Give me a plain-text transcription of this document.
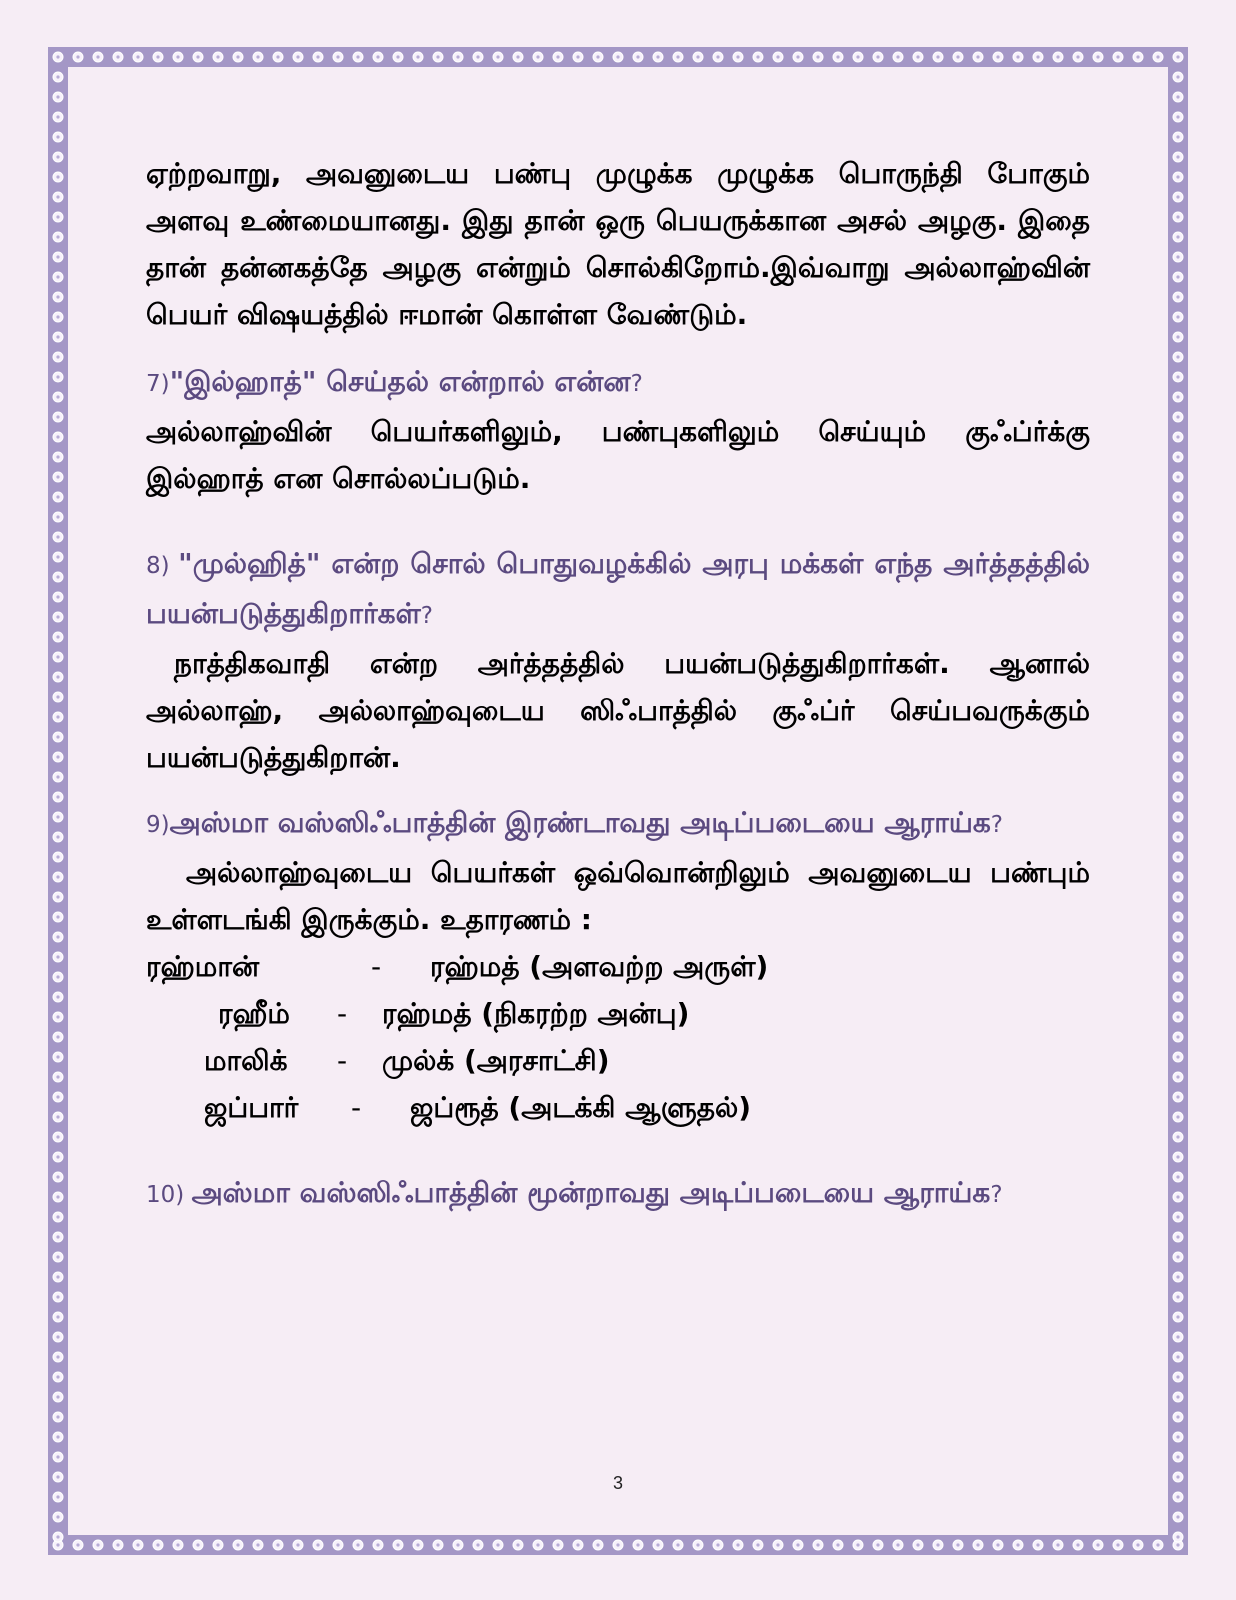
ஏற்றவாறு, அவனுடைய பண்பு முழுக்க முழுக்க பொருந்தி போகும் அளவு உண்மையானது. இது தான் ஒரு பெயருக்கான அசல் அழகு. இதை தான் தன்னகத்தே அழகு என்றும் சொல்கிறோம்.இவ்வாறு அல்லாஹ்வின் பெயர் விஷயத்தில் ஈமான் கொள்ள வேண்டும்.

7)"இல்ஹாத்" செய்தல் என்றால் என்ன?

அல்லாஹ்வின் பெயர்களிலும், பண்புகளிலும் செய்யும் குஃப்ர்க்கு இல்ஹாத் என சொல்லப்படும்.

8) "முல்ஹித்" என்ற சொல் பொதுவழக்கில் அரபு மக்கள் எந்த அர்த்தத்தில் பயன்படுத்துகிறார்கள்?

நாத்திகவாதி என்ற அர்த்தத்தில் பயன்படுத்துகிறார்கள். ஆனால் அல்லாஹ், அல்லாஹ்வுடைய ஸிஃபாத்தில் குஃப்ர் செய்பவருக்கும் பயன்படுத்துகிறான்.

9)அஸ்மா வஸ்ஸிஃபாத்தின் இரண்டாவது அடிப்படையை ஆராய்க?

அல்லாஹ்வுடைய பெயர்கள் ஒவ்வொன்றிலும் அவனுடைய பண்பும் உள்ளடங்கி இருக்கும். உதாரணம் :

ரஹ்மான்	-	ரஹ்மத் (அளவற்ற அருள்)
ரஹீம்	-	ரஹ்மத் (நிகரற்ற அன்பு)
மாலிக்	-	முல்க் (அரசாட்சி)
ஜப்பார்	-	ஜப்ரூத் (அடக்கி ஆளுதல்)

10) அஸ்மா வஸ்ஸிஃபாத்தின் மூன்றாவது அடிப்படையை ஆராய்க?

3
